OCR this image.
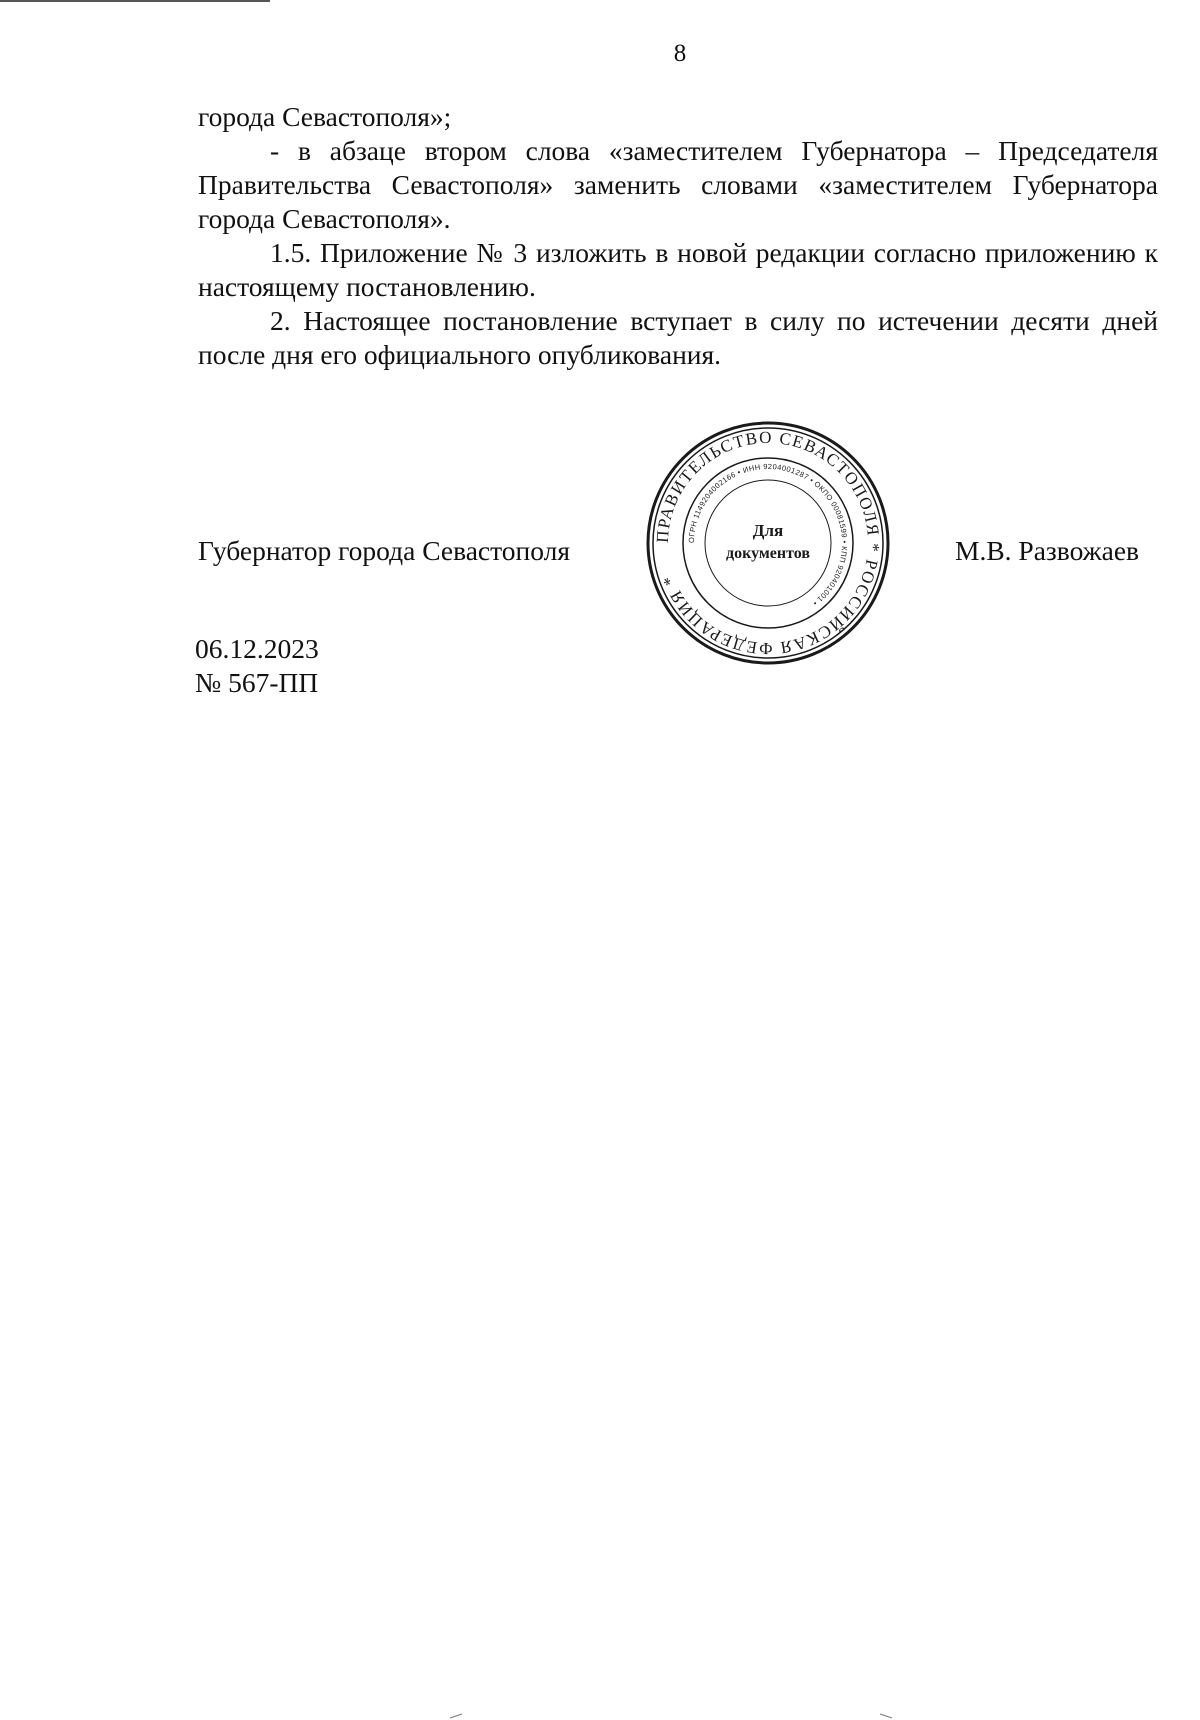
8

города Севастополя»;

- в абзаце втором слова «заместителем Губернатора – Председателя Правительства Севастополя» заменить словами «заместителем Губернатора города Севастополя».

1.5. Приложение № 3 изложить в новой редакции согласно приложению к настоящему постановлению.

2. Настоящее постановление вступает в силу по истечении десяти дней после дня его официального опубликования.

Губернатор города Севастополя	ПРАВИТЕЛЬСТВО СЕВАСТОПОЛЯ * РОССИЙСКАЯ ФЕДЕРАЦИЯ *
ОГРН 1149204002166 • ИНН 9204001287 • ОКПО 00081599 • КПП 920401001 •
Для
документов	М.В. Развожаев
06.12.2023
№ 567-ПП
